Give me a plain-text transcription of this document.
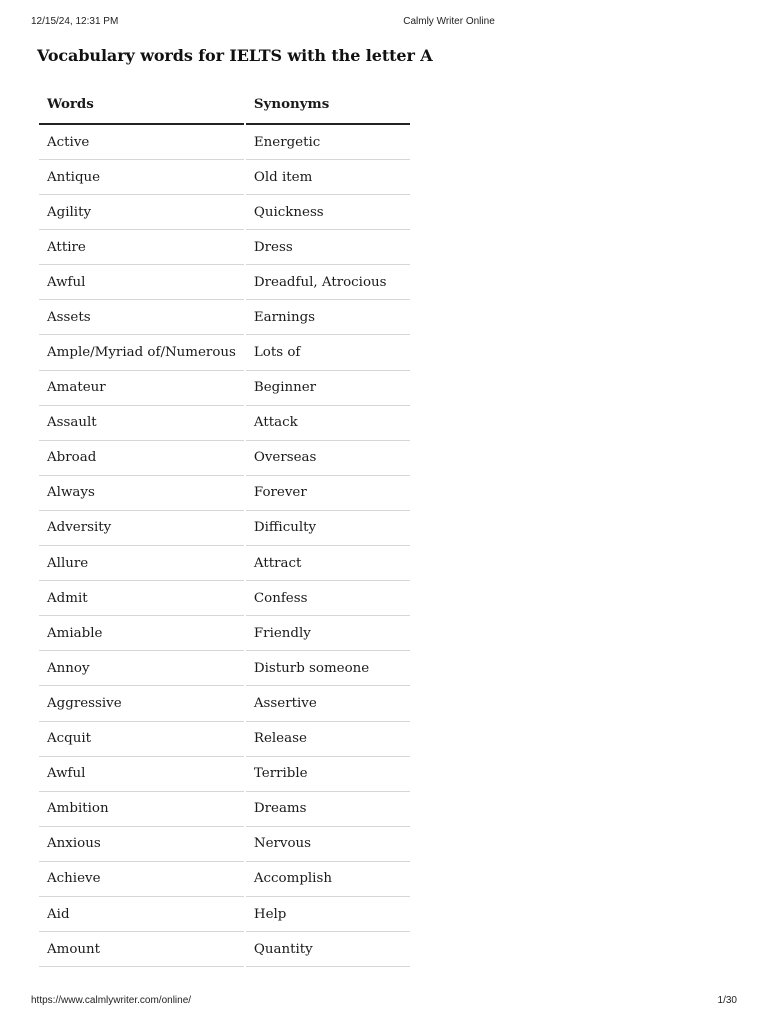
12/15/24, 12:31 PM	Calmly Writer Online
Vocabulary words for IELTS with the letter A
Words	Synonyms
Active	Energetic
Antique	Old item
Agility	Quickness
Attire	Dress
Awful	Dreadful, Atrocious
Assets	Earnings
Ample/Myriad of/Numerous	Lots of
Amateur	Beginner
Assault	Attack
Abroad	Overseas
Always	Forever
Adversity	Difficulty
Allure	Attract
Admit	Confess
Amiable	Friendly
Annoy	Disturb someone
Aggressive	Assertive
Acquit	Release
Awful	Terrible
Ambition	Dreams
Anxious	Nervous
Achieve	Accomplish
Aid	Help
Amount	Quantity
https://www.calmlywriter.com/online/	1/30
